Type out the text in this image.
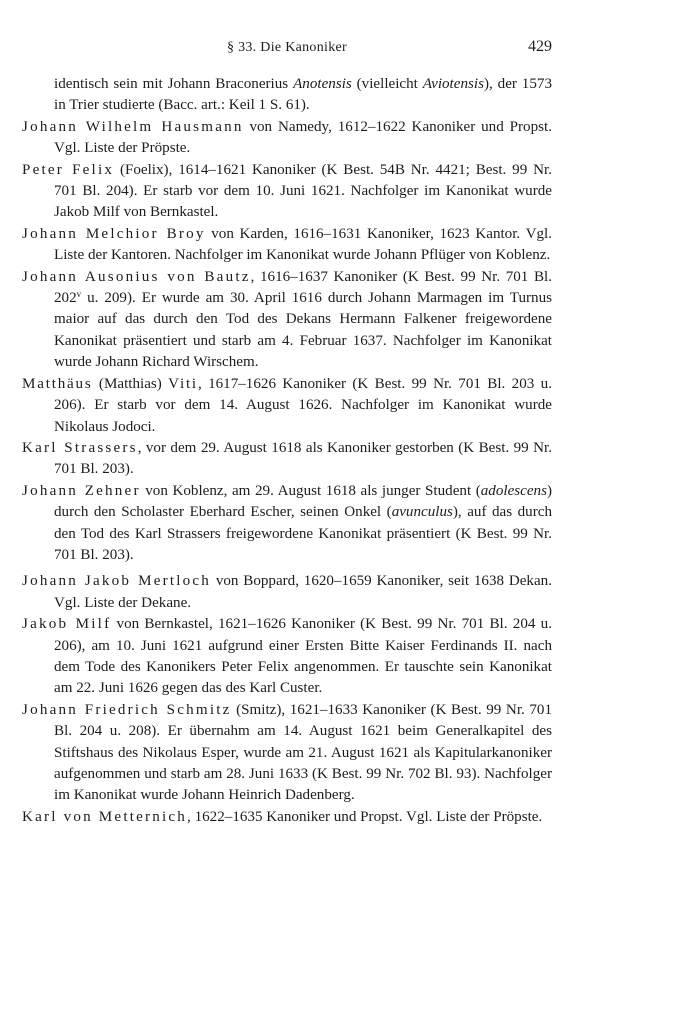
§ 33. Die Kanoniker	429

identisch sein mit Johann Braconerius Anotensis (vielleicht Aviotensis), der 1573 in Trier studierte (Bacc. art.: Keil 1 S. 61).

Johann Wilhelm Hausmann von Namedy, 1612–1622 Kanoniker und Propst. Vgl. Liste der Pröpste.

Peter Felix (Foelix), 1614–1621 Kanoniker (K Best. 54B Nr. 4421; Best. 99 Nr. 701 Bl. 204). Er starb vor dem 10. Juni 1621. Nachfolger im Kanonikat wurde Jakob Milf von Bernkastel.

Johann Melchior Broy von Karden, 1616–1631 Kanoniker, 1623 Kantor. Vgl. Liste der Kantoren. Nachfolger im Kanonikat wurde Johann Pflüger von Koblenz.

Johann Ausonius von Bautz, 1616–1637 Kanoniker (K Best. 99 Nr. 701 Bl. 202$^v$ u. 209). Er wurde am 30. April 1616 durch Johann Marmagen im Turnus maior auf das durch den Tod des Dekans Hermann Falkener freigewordene Kanonikat präsentiert und starb am 4. Februar 1637. Nachfolger im Kanonikat wurde Johann Richard Wirschem.

Matthäus (Matthias) Viti, 1617–1626 Kanoniker (K Best. 99 Nr. 701 Bl. 203 u. 206). Er starb vor dem 14. August 1626. Nachfolger im Kanonikat wurde Nikolaus Jodoci.

Karl Strassers, vor dem 29. August 1618 als Kanoniker gestorben (K Best. 99 Nr. 701 Bl. 203).

Johann Zehner von Koblenz, am 29. August 1618 als junger Student (adolescens) durch den Scholaster Eberhard Escher, seinen Onkel (avunculus), auf das durch den Tod des Karl Strassers freigewordene Kanonikat präsentiert (K Best. 99 Nr. 701 Bl. 203).

Johann Jakob Mertloch von Boppard, 1620–1659 Kanoniker, seit 1638 Dekan. Vgl. Liste der Dekane.

Jakob Milf von Bernkastel, 1621–1626 Kanoniker (K Best. 99 Nr. 701 Bl. 204 u. 206), am 10. Juni 1621 aufgrund einer Ersten Bitte Kaiser Ferdinands II. nach dem Tode des Kanonikers Peter Felix angenommen. Er tauschte sein Kanonikat am 22. Juni 1626 gegen das des Karl Custer.

Johann Friedrich Schmitz (Smitz), 1621–1633 Kanoniker (K Best. 99 Nr. 701 Bl. 204 u. 208). Er übernahm am 14. August 1621 beim Generalkapitel des Stiftshaus des Nikolaus Esper, wurde am 21. August 1621 als Kapitularkanoniker aufgenommen und starb am 28. Juni 1633 (K Best. 99 Nr. 702 Bl. 93). Nachfolger im Kanonikat wurde Johann Heinrich Dadenberg.

Karl von Metternich, 1622–1635 Kanoniker und Propst. Vgl. Liste der Pröpste.
